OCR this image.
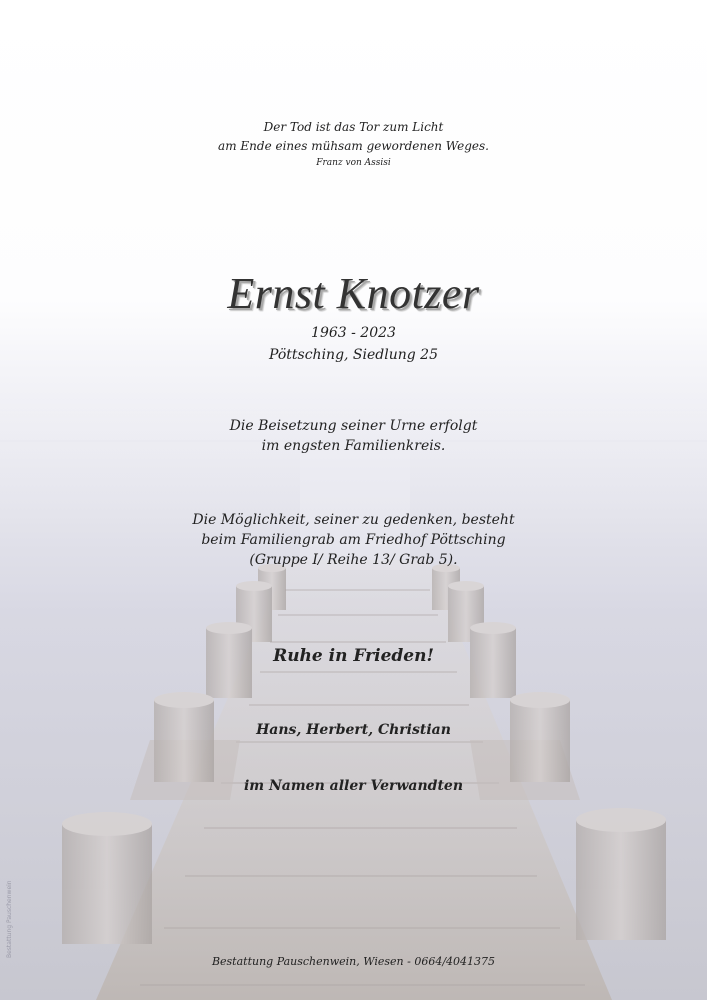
Der Tod ist das Tor zum Licht
am Ende eines mühsam gewordenen Weges.
Franz von Assisi
Ernst Knotzer
1963 - 2023
Pöttsching, Siedlung 25
Die Beisetzung seiner Urne erfolgt
im engsten Familienkreis.
Die Möglichkeit, seiner zu gedenken, besteht
beim Familiengrab am Friedhof Pöttsching
(Gruppe I/ Reihe 13/ Grab 5).
Ruhe in Frieden!
Hans, Herbert, Christian
im Namen aller Verwandten
Bestattung Pauschenwein, Wiesen - 0664/4041375
Bestattung Pauschenwein
